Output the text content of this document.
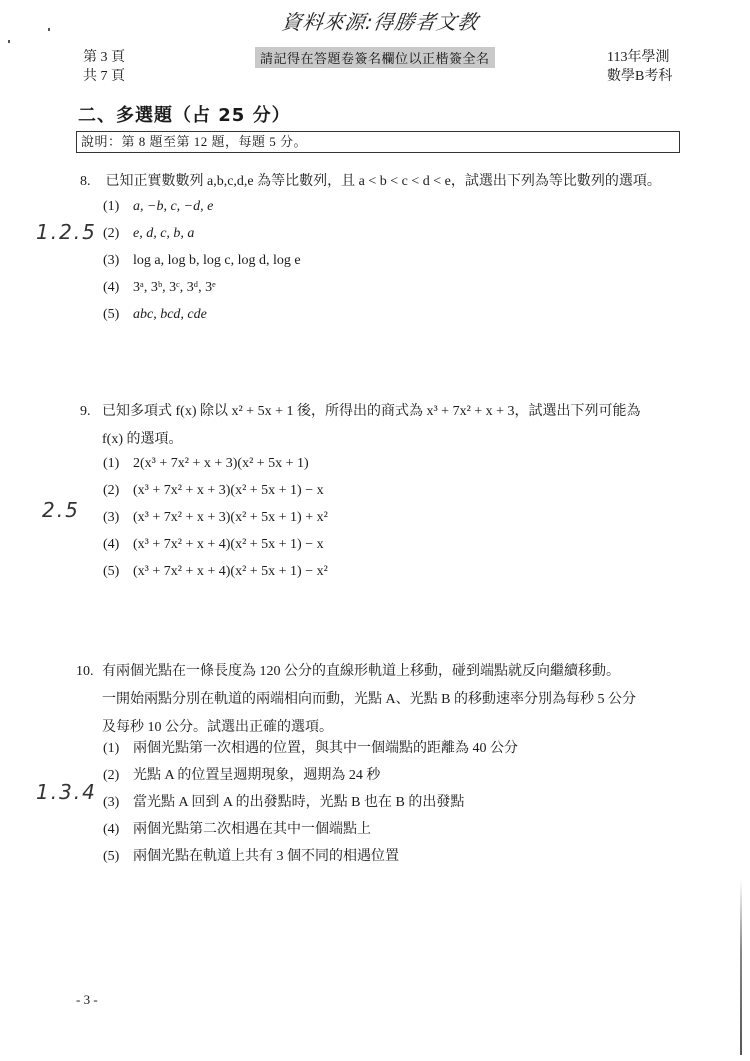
資料來源:得勝者文教
第 3 頁
共 7 頁
請記得在答題卷簽名欄位以正楷簽全名	113年學測
數學B考科
二、多選題（占 25 分）
說明：第 8 題至第 12 題，每題 5 分。
8. 已知正實數數列 a,b,c,d,e 為等比數列，且 a < b < c < d < e，試選出下列為等比數列的選項。
1.2.5
(1) a, −b, c, −d, e
(2) e, d, c, b, a
(3) log a, log b, log c, log d, log e
(4) 3ᵃ, 3ᵇ, 3ᶜ, 3ᵈ, 3ᵉ
(5) abc, bcd, cde
9. 已知多項式 f(x) 除以 x² + 5x + 1 後，所得出的商式為 x³ + 7x² + x + 3，試選出下列可能為
f(x) 的選項。
2.5
(1) 2(x³ + 7x² + x + 3)(x² + 5x + 1)
(2) (x³ + 7x² + x + 3)(x² + 5x + 1) − x
(3) (x³ + 7x² + x + 3)(x² + 5x + 1) + x²
(4) (x³ + 7x² + x + 4)(x² + 5x + 1) − x
(5) (x³ + 7x² + x + 4)(x² + 5x + 1) − x²
10. 有兩個光點在一條長度為 120 公分的直線形軌道上移動，碰到端點就反向繼續移動。
一開始兩點分別在軌道的兩端相向而動，光點 A、光點 B 的移動速率分別為每秒 5 公分
及每秒 10 公分。試選出正確的選項。
1.3.4
(1) 兩個光點第一次相遇的位置，與其中一個端點的距離為 40 公分
(2) 光點 A 的位置呈週期現象，週期為 24 秒
(3) 當光點 A 回到 A 的出發點時，光點 B 也在 B 的出發點
(4) 兩個光點第二次相遇在其中一個端點上
(5) 兩個光點在軌道上共有 3 個不同的相遇位置
- 3 -
